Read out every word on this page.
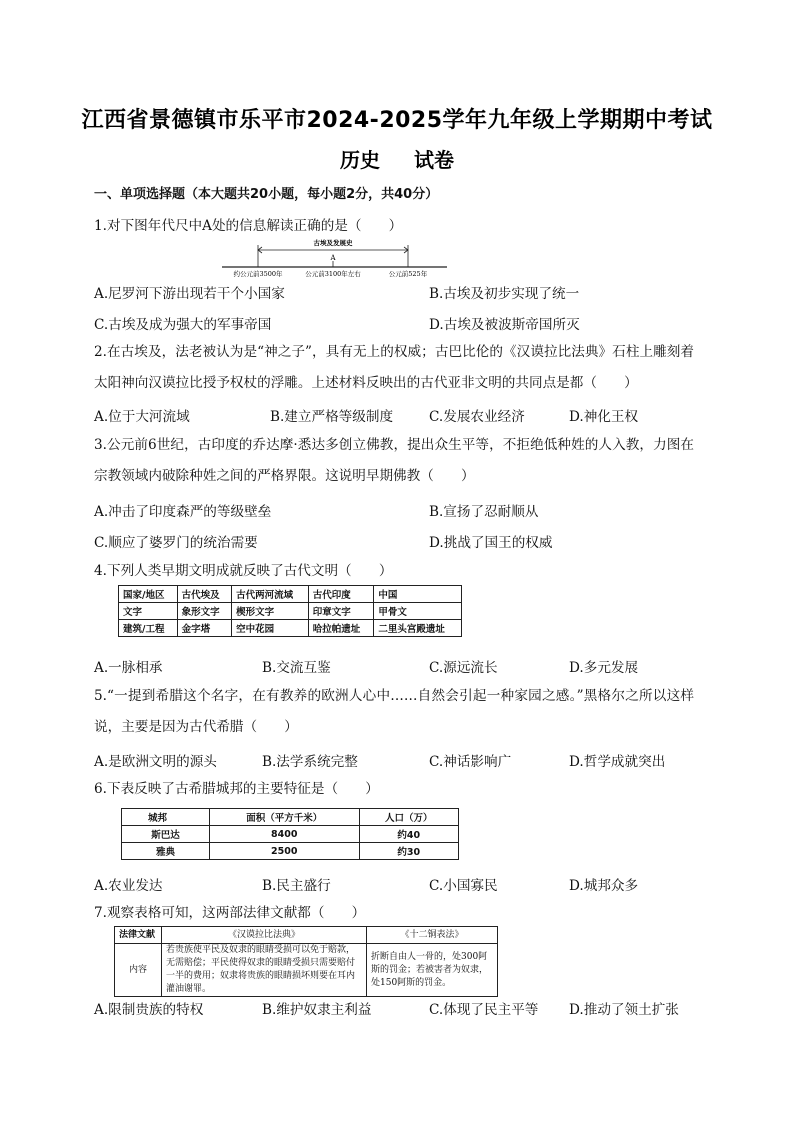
江西省景德镇市乐平市2024-2025学年九年级上学期期中考试
历史 试卷
一、单项选择题（本大题共20小题，每小题2分，共40分）
1.对下图年代尺中A处的信息解读正确的是（　　）
古埃及发展史
A
约公元前3500年	公元前3100年左右	公元前525年
A.尼罗河下游出现若干个小国家	B.古埃及初步实现了统一
C.古埃及成为强大的军事帝国	D.古埃及被波斯帝国所灭
2.在古埃及，法老被认为是“神之子”，具有无上的权威；古巴比伦的《汉谟拉比法典》石柱上雕刻着太阳神向汉谟拉比授予权杖的浮雕。上述材料反映出的古代亚非文明的共同点是都（　　）
A.位于大河流域	B.建立严格等级制度	C.发展农业经济	D.神化王权
3.公元前6世纪，古印度的乔达摩·悉达多创立佛教，提出众生平等，不拒绝低种姓的人入教，力图在宗教领域内破除种姓之间的严格界限。这说明早期佛教（　　）
A.冲击了印度森严的等级壁垒	B.宣扬了忍耐顺从
C.顺应了婆罗门的统治需要	D.挑战了国王的权威
4.下列人类早期文明成就反映了古代文明（　　）
国家/地区	古代埃及	古代两河流域	古代印度	中国
文字	象形文字	楔形文字	印章文字	甲骨文
建筑/工程	金字塔	空中花园	哈拉帕遗址	二里头宫殿遗址
A.一脉相承	B.交流互鉴	C.源远流长	D.多元发展
5.“一提到希腊这个名字，在有教养的欧洲人心中……自然会引起一种家园之感。”黑格尔之所以这样说，主要是因为古代希腊（　　）
A.是欧洲文明的源头	B.法学系统完整	C.神话影响广	D.哲学成就突出
6.下表反映了古希腊城邦的主要特征是（　　）
城邦	面积（平方千米）	人口（万）
斯巴达	8400	约40
雅典	2500	约30
A.农业发达	B.民主盛行	C.小国寡民	D.城邦众多
7.观察表格可知，这两部法律文献都（　　）
法律文献	《汉谟拉比法典》	《十二铜表法》
内容	若贵族使平民及奴隶的眼睛受损可以免于赔款，无需赔偿；平民使得奴隶的眼睛受损只需要赔付一半的费用；奴隶将贵族的眼睛损坏则要在耳内灌油谢罪。	折断自由人一骨的，处300阿斯的罚金；若被害者为奴隶，处150阿斯的罚金。
A.限制贵族的特权	B.维护奴隶主利益	C.体现了民主平等 D.推动了领土扩张
